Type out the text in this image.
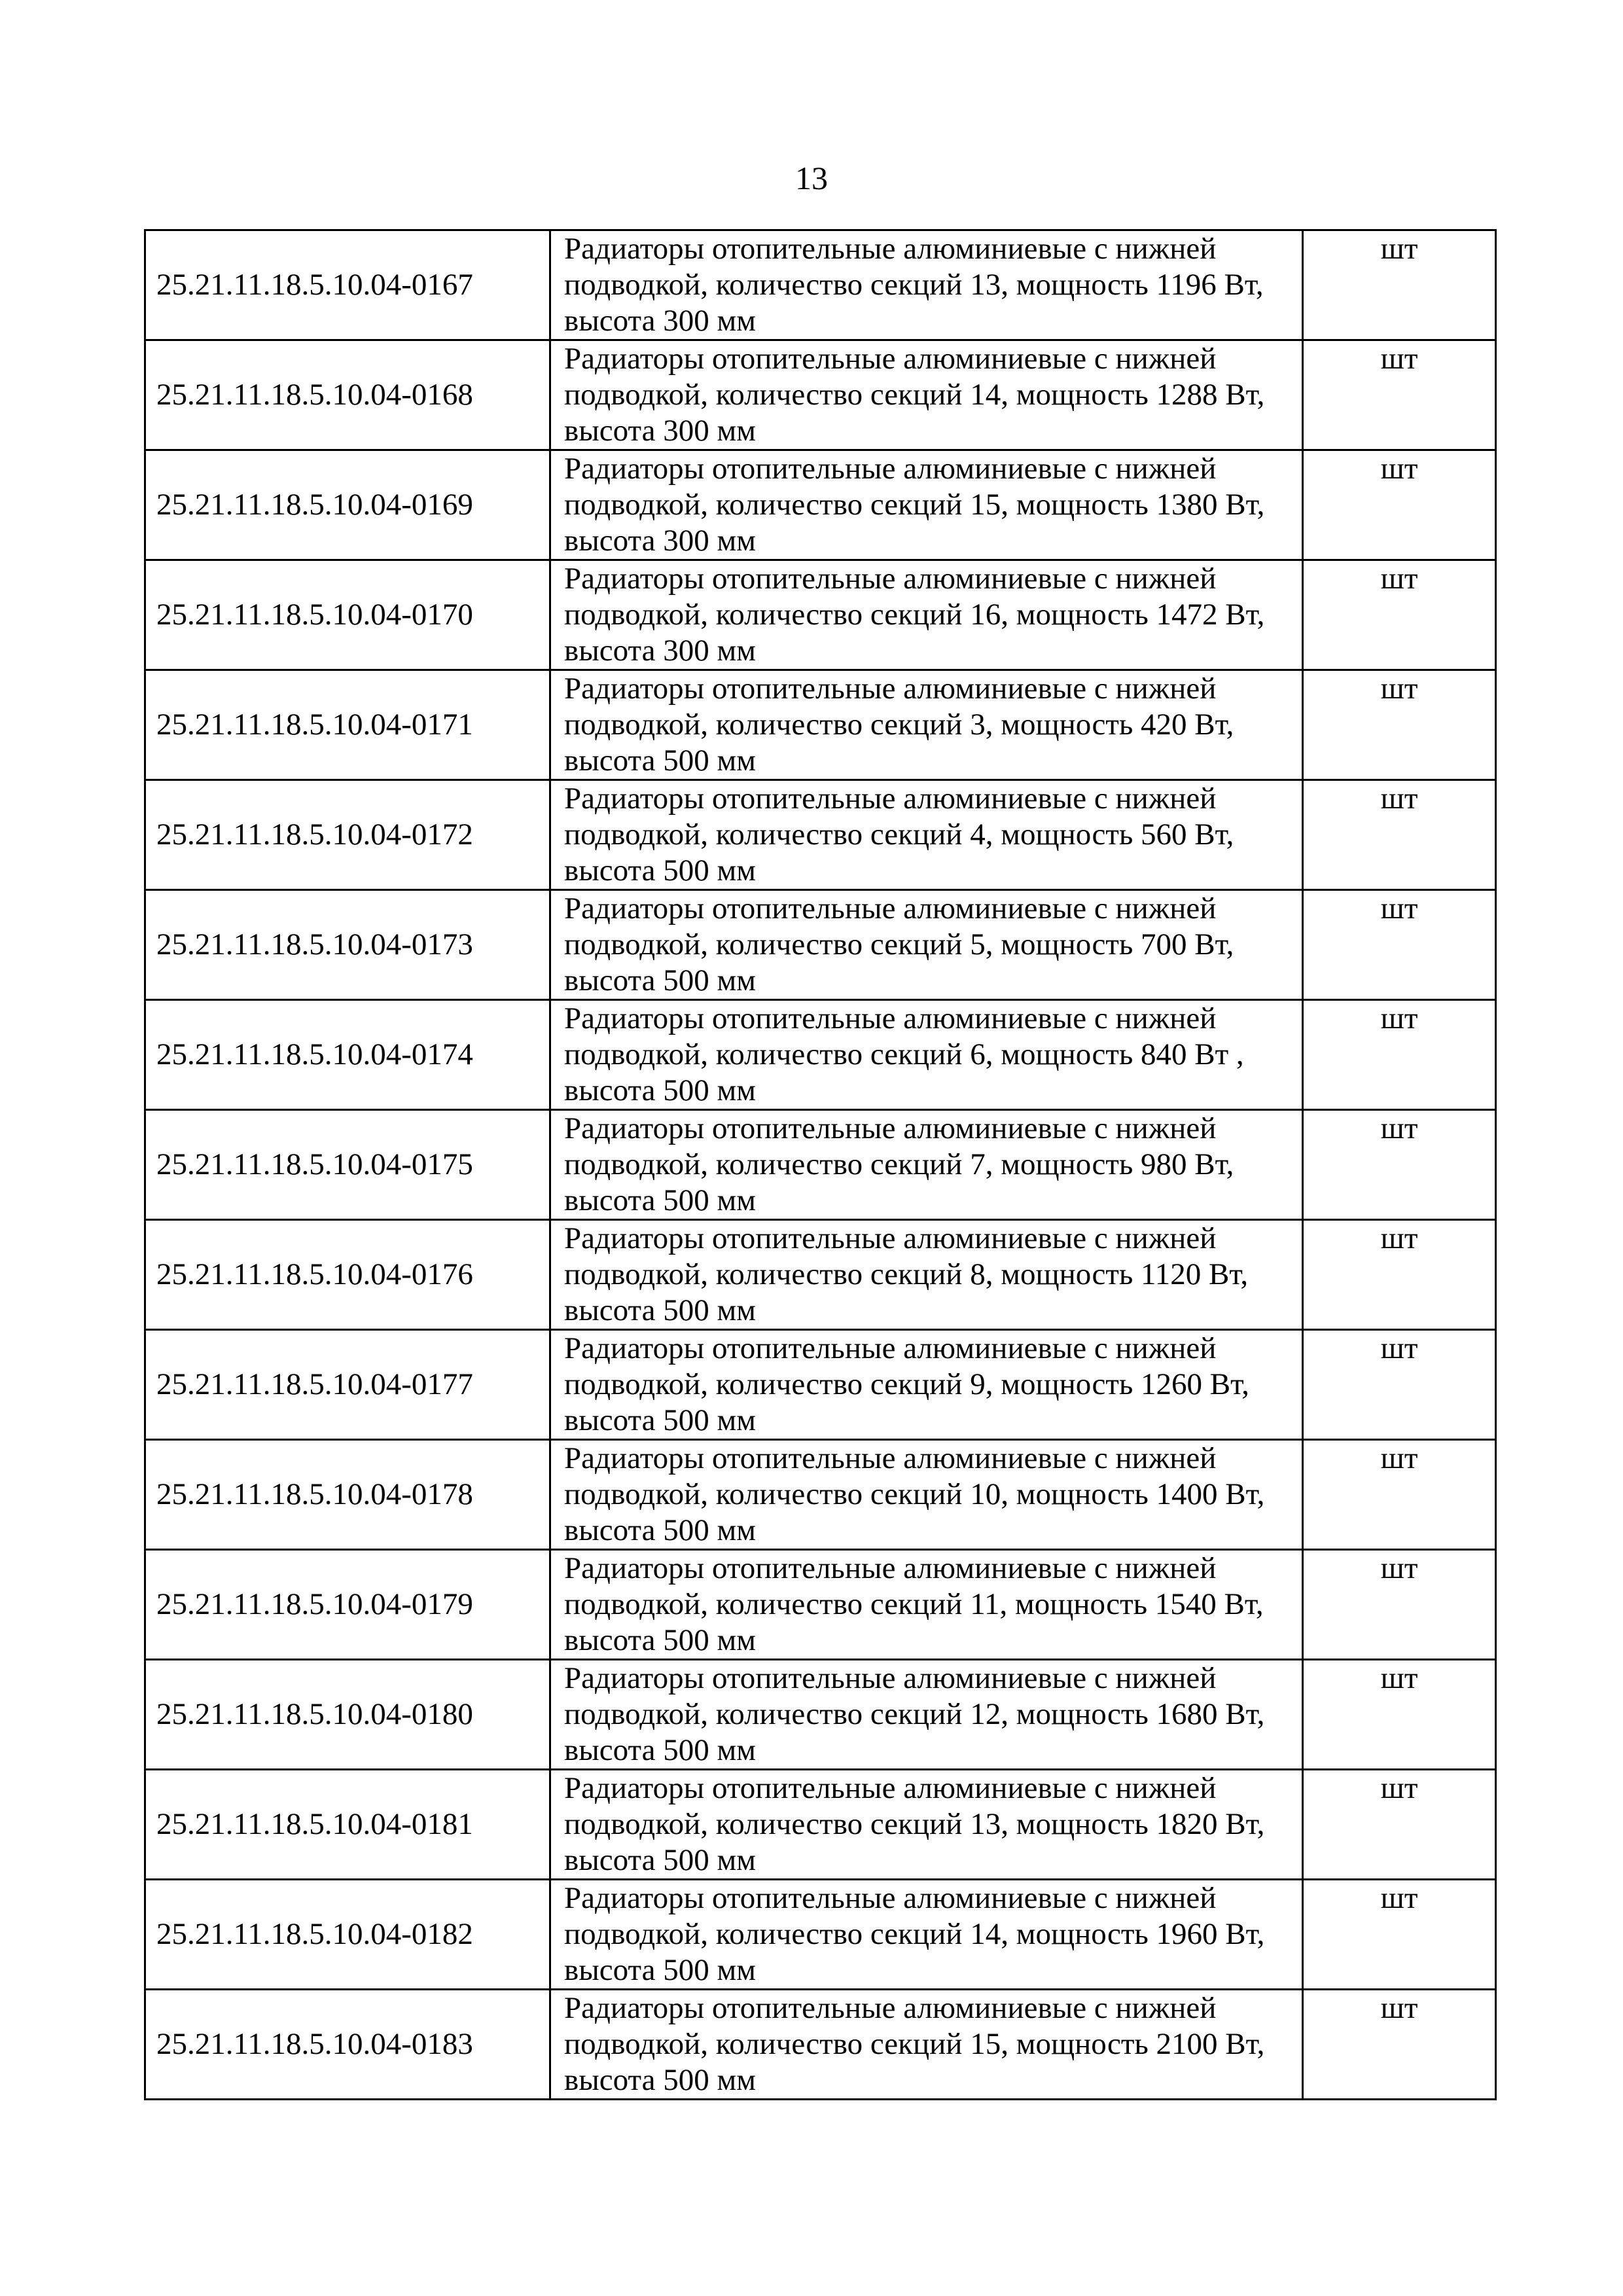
13
25.21.11.18.5.10.04-0167	Радиаторы отопительные алюминиевые с нижней
подводкой, количество секций 13, мощность 1196 Вт,
высота 300 мм	шт
25.21.11.18.5.10.04-0168	Радиаторы отопительные алюминиевые с нижней
подводкой, количество секций 14, мощность 1288 Вт,
высота 300 мм	шт
25.21.11.18.5.10.04-0169	Радиаторы отопительные алюминиевые с нижней
подводкой, количество секций 15, мощность 1380 Вт,
высота 300 мм	шт
25.21.11.18.5.10.04-0170	Радиаторы отопительные алюминиевые с нижней
подводкой, количество секций 16, мощность 1472 Вт,
высота 300 мм	шт
25.21.11.18.5.10.04-0171	Радиаторы отопительные алюминиевые с нижней
подводкой, количество секций 3, мощность 420 Вт,
высота 500 мм	шт
25.21.11.18.5.10.04-0172	Радиаторы отопительные алюминиевые с нижней
подводкой, количество секций 4, мощность 560 Вт,
высота 500 мм	шт
25.21.11.18.5.10.04-0173	Радиаторы отопительные алюминиевые с нижней
подводкой, количество секций 5, мощность 700 Вт,
высота 500 мм	шт
25.21.11.18.5.10.04-0174	Радиаторы отопительные алюминиевые с нижней
подводкой, количество секций 6, мощность 840 Вт ,
высота 500 мм	шт
25.21.11.18.5.10.04-0175	Радиаторы отопительные алюминиевые с нижней
подводкой, количество секций 7, мощность 980 Вт,
высота 500 мм	шт
25.21.11.18.5.10.04-0176	Радиаторы отопительные алюминиевые с нижней
подводкой, количество секций 8, мощность 1120 Вт,
высота 500 мм	шт
25.21.11.18.5.10.04-0177	Радиаторы отопительные алюминиевые с нижней
подводкой, количество секций 9, мощность 1260 Вт,
высота 500 мм	шт
25.21.11.18.5.10.04-0178	Радиаторы отопительные алюминиевые с нижней
подводкой, количество секций 10, мощность 1400 Вт,
высота 500 мм	шт
25.21.11.18.5.10.04-0179	Радиаторы отопительные алюминиевые с нижней
подводкой, количество секций 11, мощность 1540 Вт,
высота 500 мм	шт
25.21.11.18.5.10.04-0180	Радиаторы отопительные алюминиевые с нижней
подводкой, количество секций 12, мощность 1680 Вт,
высота 500 мм	шт
25.21.11.18.5.10.04-0181	Радиаторы отопительные алюминиевые с нижней
подводкой, количество секций 13, мощность 1820 Вт,
высота 500 мм	шт
25.21.11.18.5.10.04-0182	Радиаторы отопительные алюминиевые с нижней
подводкой, количество секций 14, мощность 1960 Вт,
высота 500 мм	шт
25.21.11.18.5.10.04-0183	Радиаторы отопительные алюминиевые с нижней
подводкой, количество секций 15, мощность 2100 Вт,
высота 500 мм	шт
